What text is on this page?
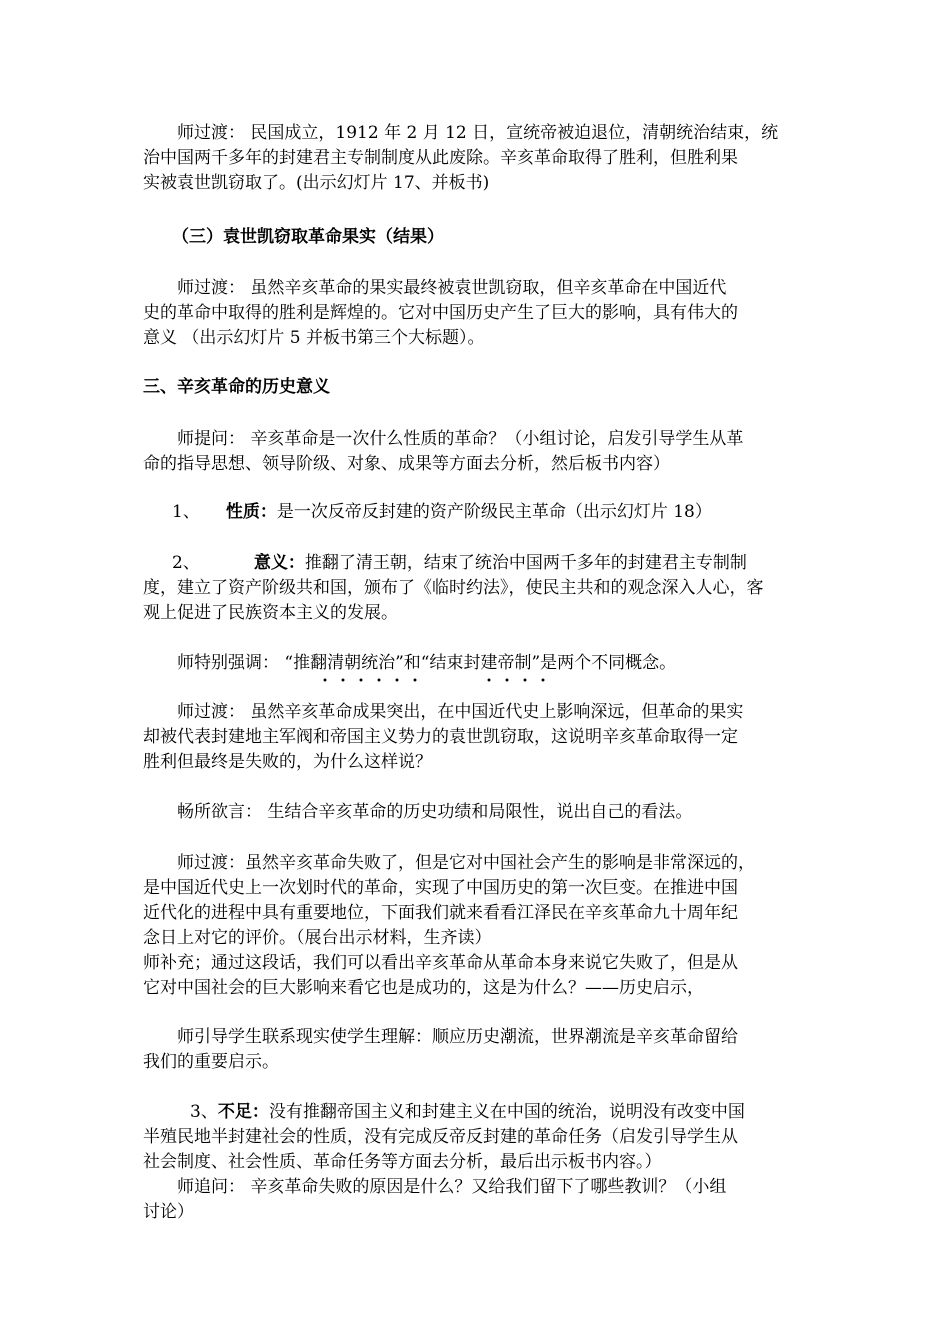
　　师过渡： 民国成立，1912 年 2 月 12 日，宣统帝被迫退位，清朝统治结束，统
治中国两千多年的封建君主专制制度从此废除。辛亥革命取得了胜利，但胜利果
实被袁世凯窃取了。(出示幻灯片 17、并板书)
（三）袁世凯窃取革命果实（结果）
　　师过渡： 虽然辛亥革命的果实最终被袁世凯窃取，但辛亥革命在中国近代
史的革命中取得的胜利是辉煌的。它对中国历史产生了巨大的影响，具有伟大的
意义 （出示幻灯片 5 并板书第三个大标题）。
三、辛亥革命的历史意义
　　师提问： 辛亥革命是一次什么性质的革命？（小组讨论，启发引导学生从革
命的指导思想、领导阶级、对象、成果等方面去分析，然后板书内容）
1、 性质：是一次反帝反封建的资产阶级民主革命（出示幻灯片 18）
2、	意义：推翻了清王朝，结束了统治中国两千多年的封建君主专制制
度，建立了资产阶级共和国，颁布了《临时约法》，使民主共和的观念深入人心，客
观上促进了民族资本主义的发展。
　　师特别强调： “推翻清朝统治”和“结束封建帝制”是两个不同概念。
　　师过渡： 虽然辛亥革命成果突出，在中国近代史上影响深远，但革命的果实
却被代表封建地主军阀和帝国主义势力的袁世凯窃取，这说明辛亥革命取得一定
胜利但最终是失败的，为什么这样说？
　　畅所欲言： 生结合辛亥革命的历史功绩和局限性，说出自己的看法。
　　师过渡：虽然辛亥革命失败了，但是它对中国社会产生的影响是非常深远的，
是中国近代史上一次划时代的革命，实现了中国历史的第一次巨变。在推进中国
近代化的进程中具有重要地位，下面我们就来看看江泽民在辛亥革命九十周年纪
念日上对它的评价。（展台出示材料，生齐读）
师补充；通过这段话，我们可以看出辛亥革命从革命本身来说它失败了，但是从
它对中国社会的巨大影响来看它也是成功的，这是为什么？——历史启示，
　　师引导学生联系现实使学生理解：顺应历史潮流，世界潮流是辛亥革命留给
我们的重要启示。
3、不足：没有推翻帝国主义和封建主义在中国的统治，说明没有改变中国
半殖民地半封建社会的性质，没有完成反帝反封建的革命任务（启发引导学生从
社会制度、社会性质、革命任务等方面去分析，最后出示板书内容。）
　　师追问： 辛亥革命失败的原因是什么？又给我们留下了哪些教训？（小组
讨论）
